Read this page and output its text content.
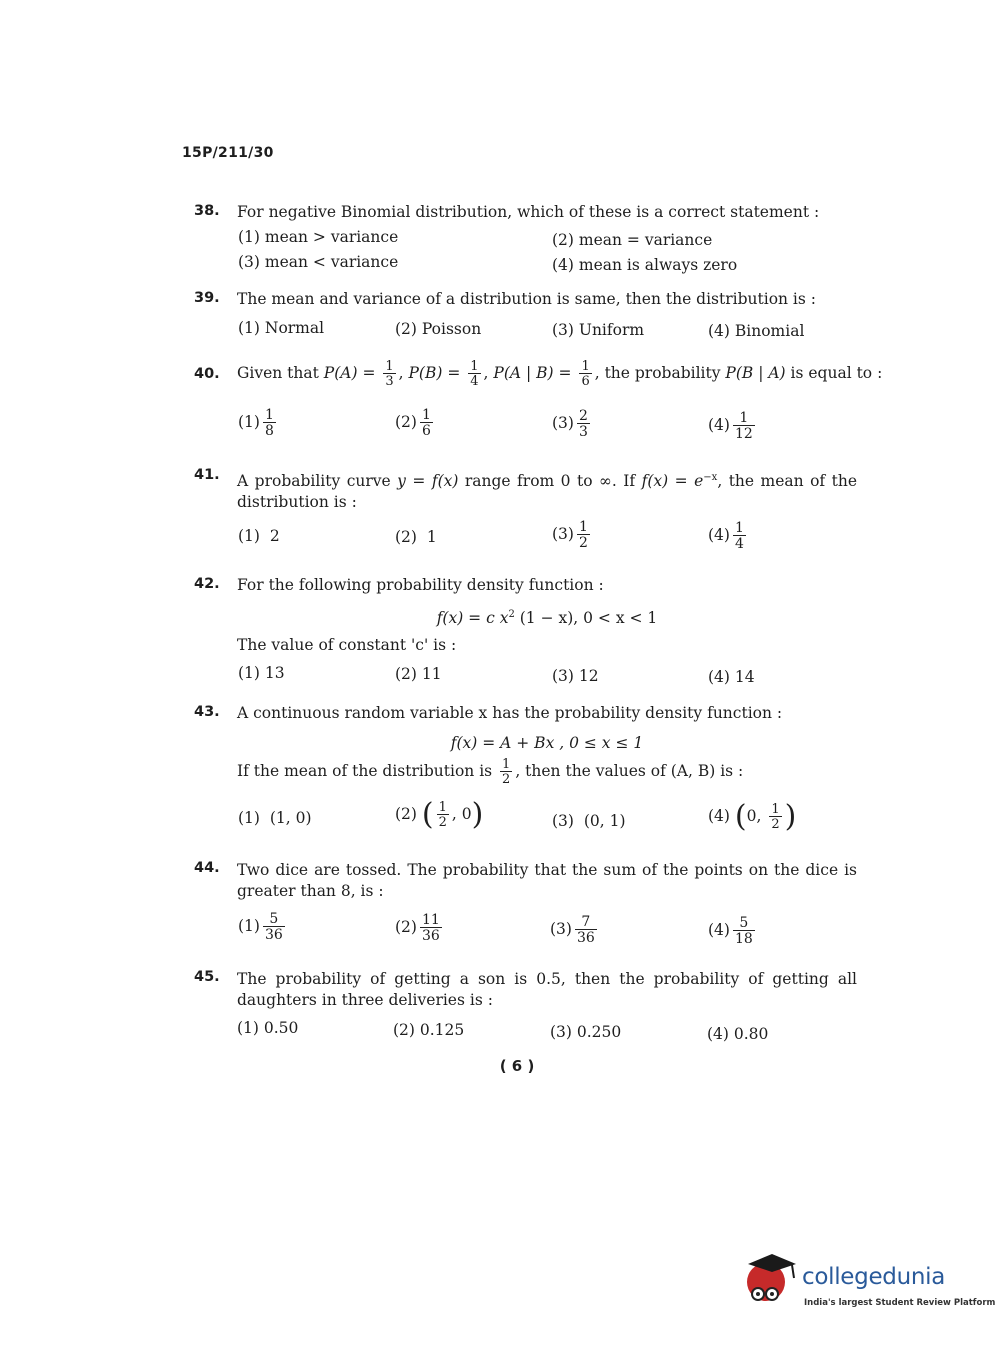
15P/211/30
38. For negative Binomial distribution, which of these is a correct statement :
(1) mean > variance	(2) mean = variance
(3) mean < variance	(4) mean is always zero
39. The mean and variance of a distribution is same, then the distribution is :
(1) Normal	(2) Poisson	(3) Uniform	(4) Binomial
40. Given that $P(A) = \frac{1}{3}$ , $P(B) = \frac{1}{4}$ , P(A | $B) = \frac{1}{6}$ , the probability P(B | A) is equal to :
$(1) \frac{1}{8}$	$(2) \frac{1}{6}$	$(3) \frac{2}{3}$	$(4) \frac{1}{12}$
41. A probability curve y = f(x) range from 0 to ∞. If $f(x) = e^{-x}$, the mean of the distribution is :
(1) 2	(2) 1	$(3) \frac{1}{2}$	$(4) \frac{1}{4}$
42. For the following probability density function :
f(x) = c $x^2$ (1 − x), 0 < x < 1
The value of constant 'c' is :
(1) 13	(2) 11	(3) 12	(4) 14
43. A continuous random variable x has the probability density function :
f(x) = A + Bx , 0 ≤ x ≤ 1
If the mean of the distribution is $\frac{1}{2}$ , then the values of (A, B) is :
(1) (1, 0)	(2) ( $\frac{1}{2}$ , 0)	(3) (0, 1)	(4) (0, $\frac{1}{2}$ )
44. Two dice are tossed. The probability that the sum of the points on the dice is greater than 8, is :
$(1) \frac{5}{36}$	$(2) \frac{11}{36}$	$(3) \frac{7}{36}$	$(4) \frac{5}{18}$
45. The probability of getting a son is 0.5, then the probability of getting all daughters in three deliveries is :
(1) 0.50	(2) 0.125	(3) 0.250	(4) 0.80
( 6 )
collegedunia
India's largest Student Review Platform
